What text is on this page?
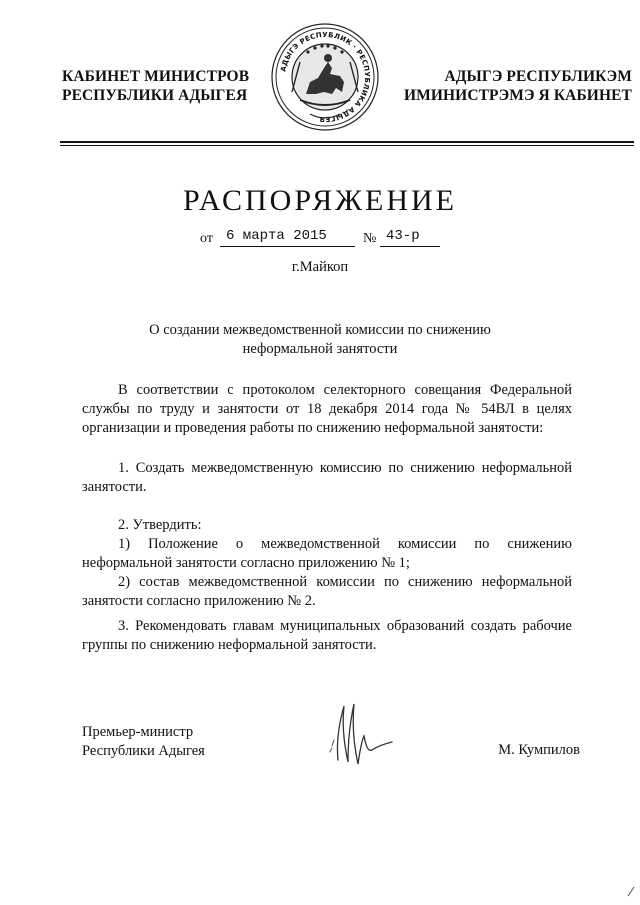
КАБИНЕТ МИНИСТРОВ
РЕСПУБЛИКИ АДЫГЕЯ
АДЫГЭ РЕСПУБЛИК · РЕСПУБЛИКА АДЫГЕЯ
АДЫГЭ РЕСПУБЛИКЭМ
ИМИНИСТРЭМЭ Я КАБИНЕТ
РАСПОРЯЖЕНИЕ
от 6 марта 2015	№ 43-р
г.Майкоп
О создании межведомственной комиссии по снижению
неформальной занятости
В соответствии с протоколом селекторного совещания Федеральной службы по труду и занятости от 18 декабря 2014 года № 54ВЛ в целях организации и проведения работы по снижению неформальной занятости:
1. Создать межведомственную комиссию по снижению неформальной занятости.
2. Утвердить:
1) Положение о межведомственной комиссии по снижению неформальной занятости согласно приложению № 1;
2) состав межведомственной комиссии по снижению неформальной занятости согласно приложению № 2.
3. Рекомендовать главам муниципальных образований создать рабочие группы по снижению неформальной занятости.
Премьер-министр
Республики Адыгея	М. Кумпилов
